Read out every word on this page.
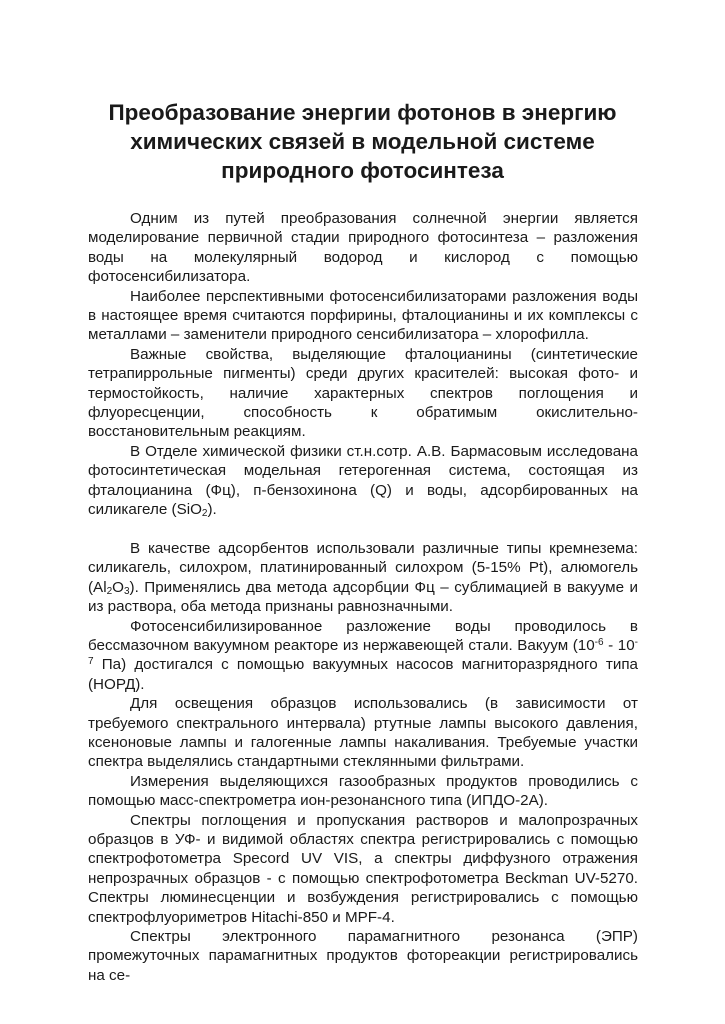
Преобразование энергии фотонов в энергию химических связей в модельной системе природного фотосинтеза

Одним из путей преобразования солнечной энергии является моделирование первичной стадии природного фотосинтеза – разложения воды на молекулярный водород и кислород с помощью фотосенсибилизатора.

Наиболее перспективными фотосенсибилизаторами разложения воды в настоящее время считаются порфирины, фталоцианины и их комплексы с металлами – заменители природного сенсибилизатора – хлорофилла.

Важные свойства, выделяющие фталоцианины (синтетические тетрапиррольные пигменты) среди других красителей: высокая фото- и термостойкость, наличие характерных спектров поглощения и флуоресценции, способность к обратимым окислительно-восстановительным реакциям.

В Отделе химической физики ст.н.сотр. А.В. Бармасовым исследована фотосинтетическая модельная гетерогенная система, состоящая из фталоцианина (Фц), п-бензохинона (Q) и воды, адсорбированных на силикагеле (SiO$_2$).

В качестве адсорбентов использовали различные типы кремнезема: силикагель, силохром, платинированный силохром (5-15% Pt), алюмогель $(Al_2O_3)$. Применялись два метода адсорбции Фц – сублимацией в вакууме и из раствора, оба метода признаны равнозначными.

Фотосенсибилизированное разложение воды проводилось в бессмазочном вакуумном реакторе из нержавеющей стали. Вакуум ($10^{-6} - 10^{-7}$ Па) достигался с помощью вакуумных насосов магниторазрядного типа (НОРД).

Для освещения образцов использовались (в зависимости от требуемого спектрального интервала) ртутные лампы высокого давления, ксеноновые лампы и галогенные лампы накаливания. Требуемые участки спектра выделялись стандартными стеклянными фильтрами.

Измерения выделяющихся газообразных продуктов проводились с помощью масс-спектрометра ион-резонансного типа (ИПДО-2А).

Спектры поглощения и пропускания растворов и малопрозрачных образцов в УФ- и видимой областях спектра регистрировались с помощью спектрофотометра Specord UV VIS, а спектры диффузного отражения непрозрачных образцов - с помощью спектрофотометра Beckman UV-5270. Спектры люминесценции и возбуждения регистрировались с помощью спектрофлуориметров Hitachi-850 и MPF-4.

Спектры электронного парамагнитного резонанса (ЭПР) промежуточных парамагнитных продуктов фотореакции регистрировались на се-
